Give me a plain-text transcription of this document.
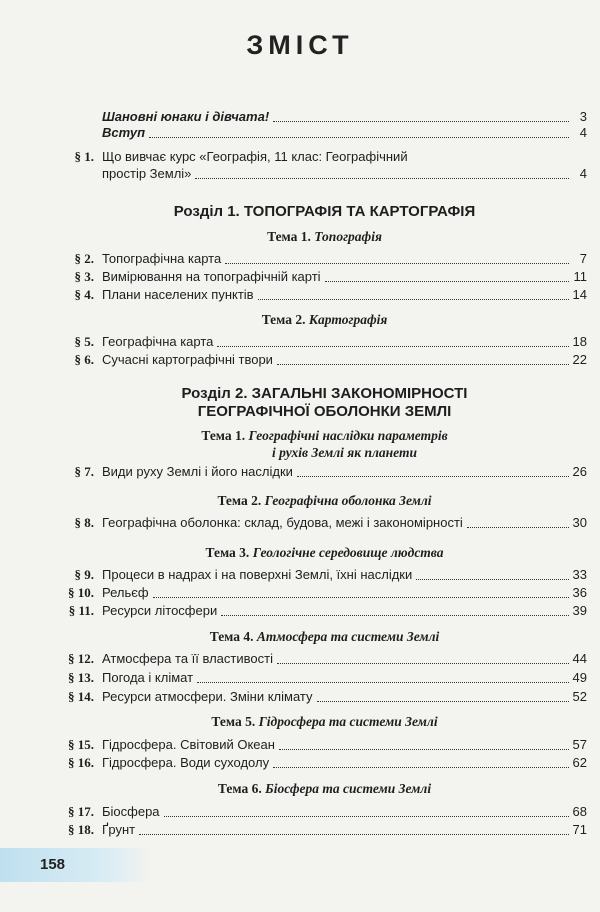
ЗМІСТ
Шановні юнаки і дівчата!	3
Вступ	4
§ 1. Що вивчає курс «Географія, 11 клас: Географічний
простір Землі»	4
Розділ 1. ТОПОГРАФІЯ ТА КАРТОГРАФІЯ
Тема 1. Топографія
§ 2. Топографічна карта	7
§ 3. Вимірювання на топографічній карті	11
§ 4. Плани населених пунктів	14
Тема 2. Картографія
§ 5. Географічна карта	18
§ 6. Сучасні картографічні твори	22
Розділ 2. ЗАГАЛЬНІ ЗАКОНОМІРНОСТІ
ГЕОГРАФІЧНОЇ ОБОЛОНКИ ЗЕМЛІ
Тема 1. Географічні наслідки параметрів
і рухів Землі як планети
§ 7. Види руху Землі і його наслідки	26
Тема 2. Географічна оболонка Землі
§ 8. Географічна оболонка: склад, будова, межі і закономірності	30
Тема 3. Геологічне середовище людства
§ 9. Процеси в надрах і на поверхні Землі, їхні наслідки	33
§ 10. Рельєф	36
§ 11. Ресурси літосфери	39
Тема 4. Атмосфера та системи Землі
§ 12. Атмосфера та її властивості	44
§ 13. Погода і клімат	49
§ 14. Ресурси атмосфери. Зміни клімату	52
Тема 5. Гідросфера та системи Землі
§ 15. Гідросфера. Світовий Океан	57
§ 16. Гідросфера. Води суходолу	62
Тема 6. Біосфера та системи Землі
§ 17. Біосфера	68
§ 18. Ґрунт	71
158
